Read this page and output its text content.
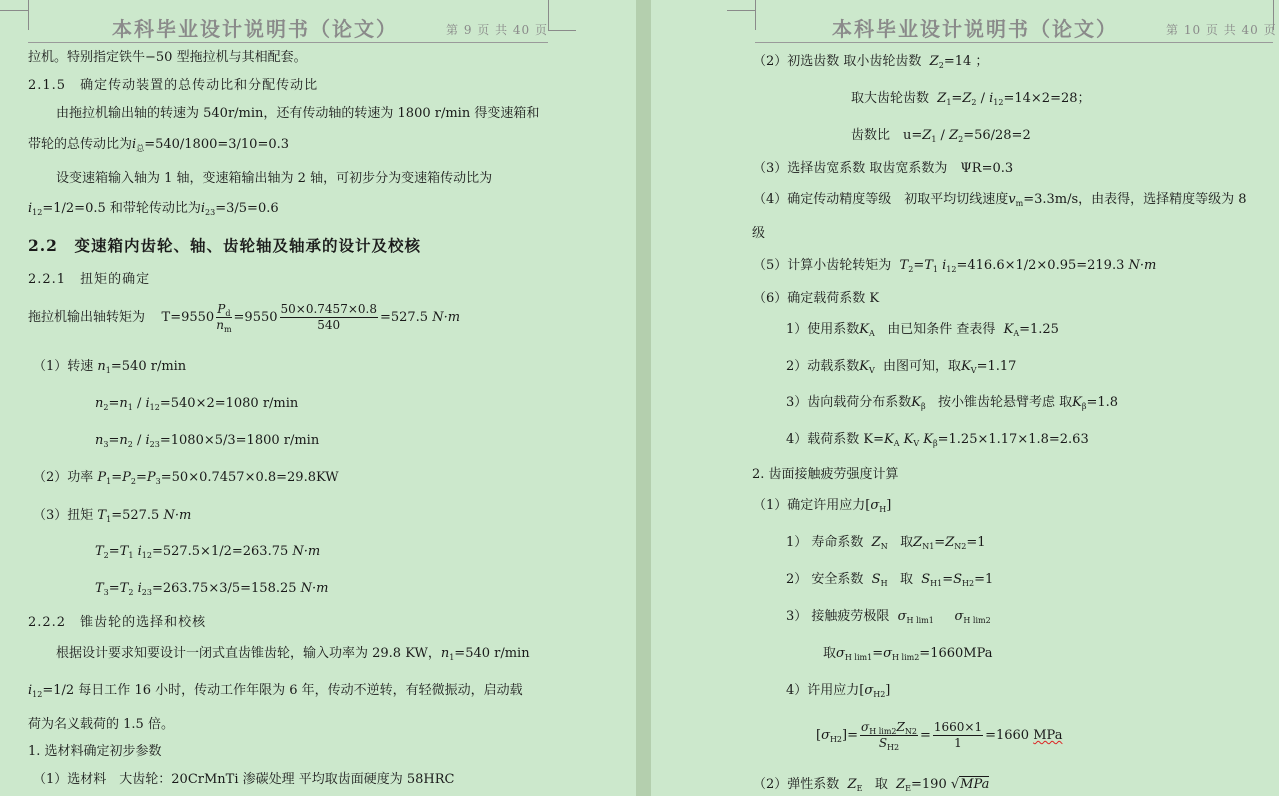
本科毕业设计说明书（论文）	第 9 页 共 40 页
拉机。特别指定铁牛−50 型拖拉机与其相配套。
2.1.5　确定传动装置的总传动比和分配传动比
由拖拉机输出轴的转速为 540r/min，还有传动轴的转速为 1800 r/min 得变速箱和
带轮的总传动比为$i_总=540/1800=3/10=0.3$
设变速箱输入轴为 1 轴，变速箱输出轴为 2 轴，可初步分为变速箱传动比为
$i_{12}=1/2=0.5$ 和带轮传动比为$i_{23}=3/5=0.6$
2.2　变速箱内齿轮、轴、齿轮轴及轴承的设计及校核
2.2.1　扭矩的确定
拖拉机输出轴转矩为 $T=9550 \frac{P_d}{n_m} =9550 \frac{50\times 0.7457\times 0.8}{540} =527.5$ N·m
（1）转速 $n_1=540$ r/min
$n_2=n_1 / i_{12}=540\times 2=1080$ r/min
$n_3=n_2 / i_{23}=1080\times 5/3=1800$ r/min
（2）功率 $P_1=P_2=P_3=50\times 0.7457\times 0.8=29.8KW$
（3）扭矩 $T_1=527.5$ N·m
$T_2=T_1$ $i_{12}=527.5\times 1/2=263.75$ N·m
$T_3=T_2$ $i_{23}=263.75\times 3/5=158.25$ N·m
2.2.2　锥齿轮的选择和校核
根据设计要求知要设计一闭式直齿锥齿轮，输入功率为 29.8 KW，$n_1=540$ r/min
$i_{12}=1/2$ 每日工作 16 小时，传动工作年限为 6 年，传动不逆转，有轻微振动，启动载
荷为名义载荷的 1.5 倍。
1. 选材料确定初步参数
（1）选材料　大齿轮：20CrMnTi 渗碳处理 平均取齿面硬度为 58HRC
本科毕业设计说明书（论文）	第 10 页 共 40 页
（2）初选齿数 取小齿轮齿数 $Z_2=14$ ；
取大齿轮齿数 $Z_1=Z_2 / i_{12}=14\times 2=28$；
齿数比　$u=Z_1 / Z_2=56/28=2$
（3）选择齿宽系数 取齿宽系数为　ΨR=0.3
（4）确定传动精度等级　初取平均切线速度$v_m=3.3m/s$，由表得，选择精度等级为 8
级
（5）计算小齿轮转矩为 $T_2=T_1$ $i_{12}=416.6\times 1/2\times 0.95=219.3$ N·m
（6）确定载荷系数 K
1）使用系数$K_A$ 由已知条件 查表得 $K_A=1.25$
2）动载系数$K_V$ 由图可知，取$K_V=1.17$
3）齿向载荷分布系数$K_\beta$ 按小锥齿轮悬臂考虑 取$K_\beta=1.8$
4）载荷系数 $K=K_A$ $K_V$ $K_\beta=1.25\times 1.17\times 1.8=2.63$
2. 齿面接触疲劳强度计算
（1）确定许用应力$[\sigma_H]$
1） 寿命系数 $Z_N$ 取$Z_{N1}=Z_{N2}=1$
2） 安全系数 $S_H$ 取 $S_{H1}=S_{H2}=1$
3） 接触疲劳极限 $\sigma_{H lim1}$ $\sigma_{H lim2}$
取$\sigma_{H lim1}=\sigma_{H lim2}=1660MPa$
4）许用应力$[\sigma_{H2}]$
$[\sigma_{H2}]= \frac{\sigma_{H lim2}Z_{N2}}{S_{H2}} = \frac{1660\times 1}{1} =1660$ MPa
（2）弹性系数 $Z_E$ 取 $Z_E=190$ √MPa
